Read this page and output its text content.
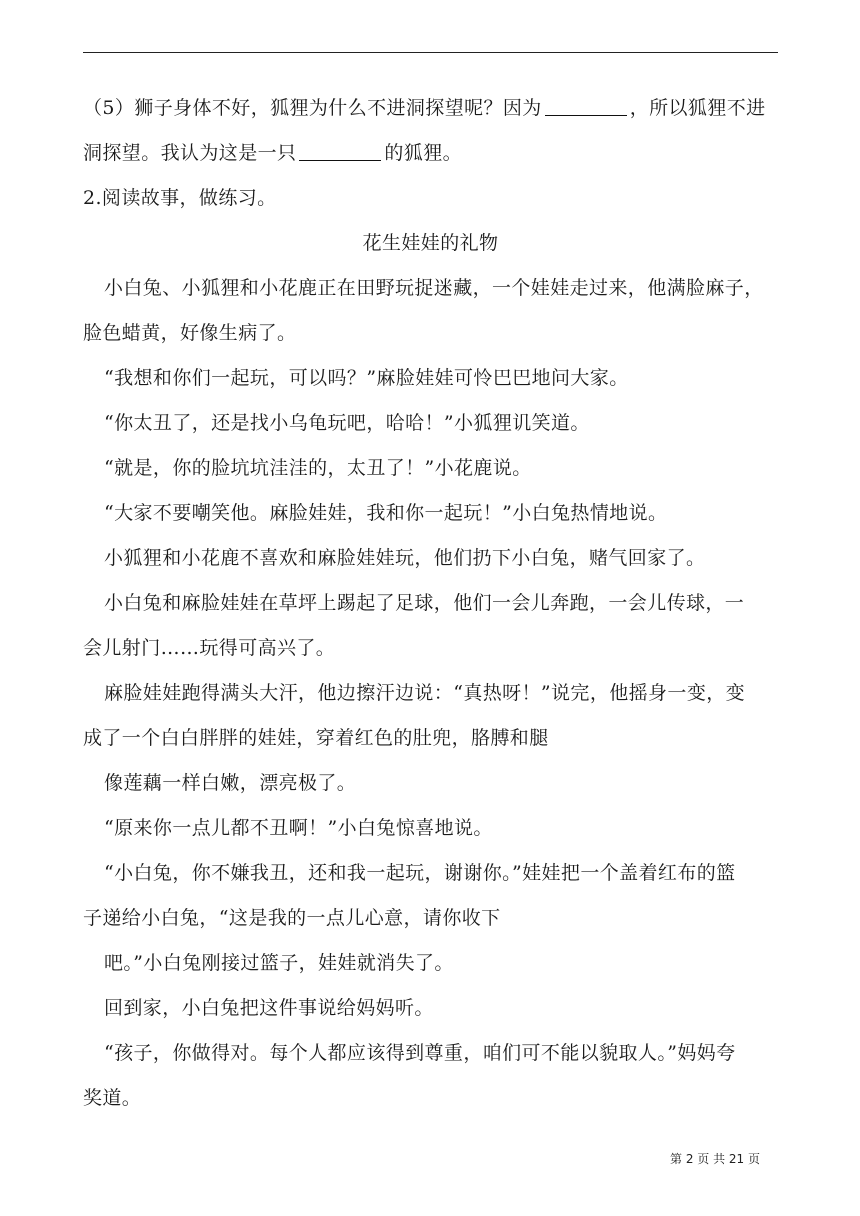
（5）狮子身体不好，狐狸为什么不进洞探望呢？因为	，所以狐狸不进

洞探望。我认为这是一只	的狐狸。

2.阅读故事，做练习。

花生娃娃的礼物

小白兔、小狐狸和小花鹿正在田野玩捉迷藏，一个娃娃走过来，他满脸麻子，

脸色蜡黄，好像生病了。

“我想和你们一起玩，可以吗？”麻脸娃娃可怜巴巴地问大家。

“你太丑了，还是找小乌龟玩吧，哈哈！”小狐狸讥笑道。

“就是，你的脸坑坑洼洼的，太丑了！”小花鹿说。

“大家不要嘲笑他。麻脸娃娃，我和你一起玩！”小白兔热情地说。

小狐狸和小花鹿不喜欢和麻脸娃娃玩，他们扔下小白兔，赌气回家了。

小白兔和麻脸娃娃在草坪上踢起了足球，他们一会儿奔跑，一会儿传球，一

会儿射门……玩得可高兴了。

麻脸娃娃跑得满头大汗，他边擦汗边说：“真热呀！”说完，他摇身一变，变

成了一个白白胖胖的娃娃，穿着红色的肚兜，胳膊和腿

像莲藕一样白嫩，漂亮极了。

“原来你一点儿都不丑啊！”小白兔惊喜地说。

“小白兔，你不嫌我丑，还和我一起玩，谢谢你。”娃娃把一个盖着红布的篮

子递给小白兔，“这是我的一点儿心意，请你收下

吧。”小白兔刚接过篮子，娃娃就消失了。

回到家，小白兔把这件事说给妈妈听。

“孩子，你做得对。每个人都应该得到尊重，咱们可不能以貌取人。”妈妈夸

奖道。

第 2 页 共 21 页
